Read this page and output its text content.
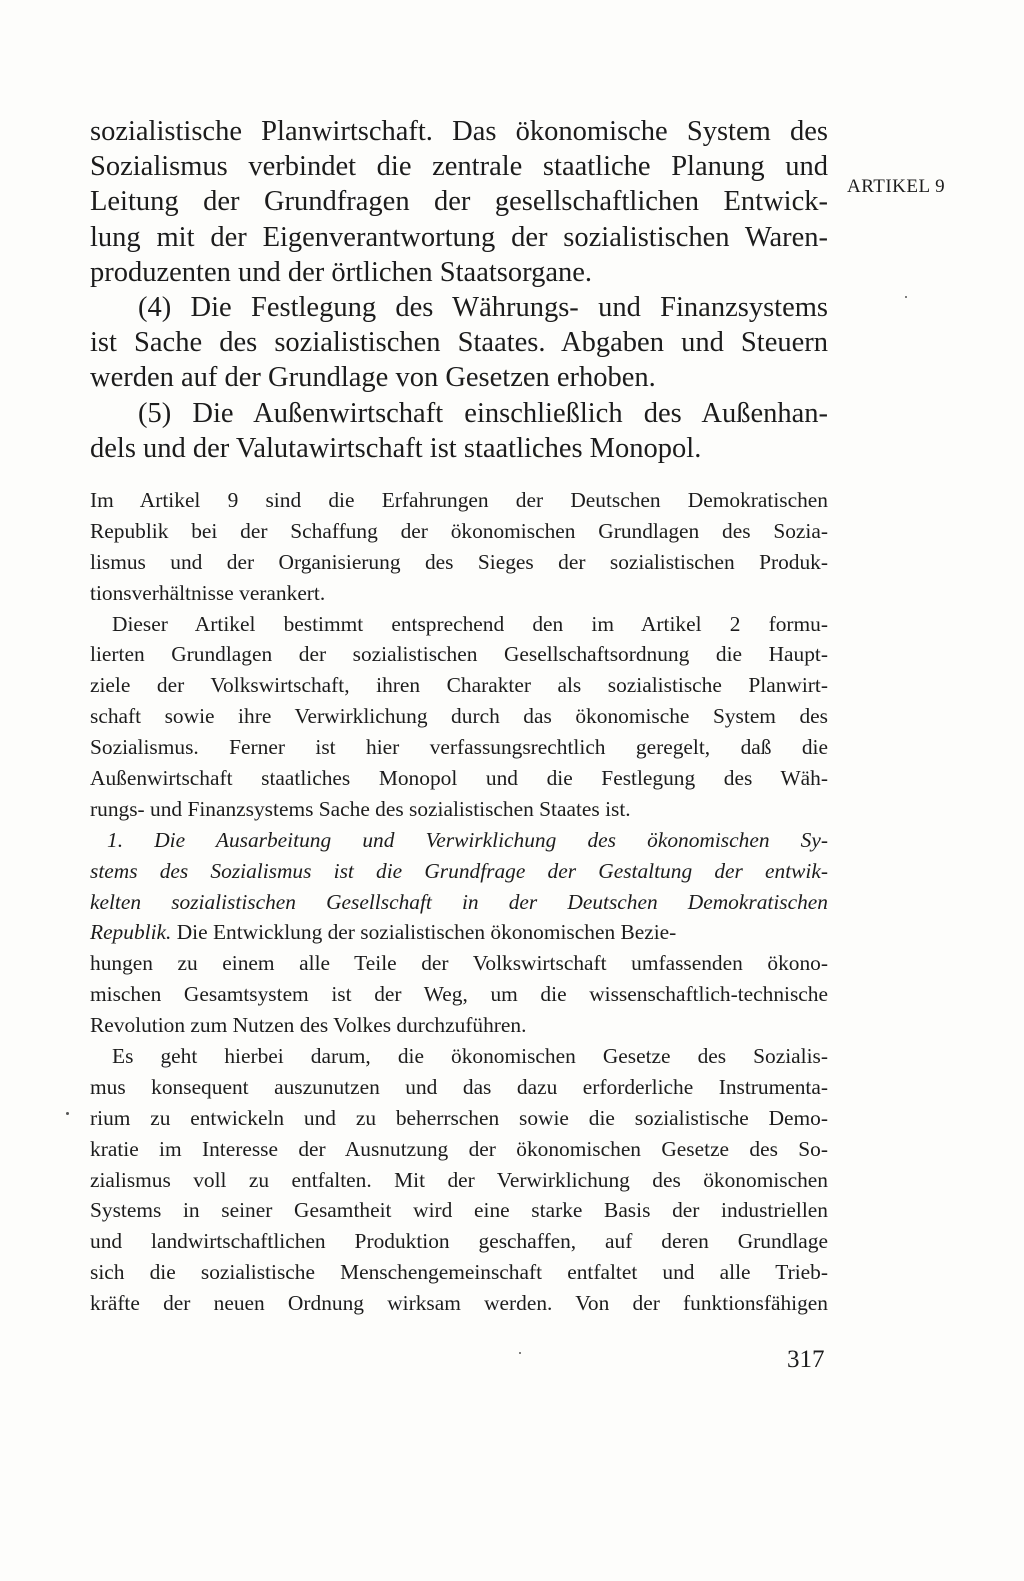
ARTIKEL 9
sozialistische Planwirtschaft. Das ökonomische System des
Sozialismus verbindet die zentrale staatliche Planung und
Leitung der Grundfragen der gesellschaftlichen Entwick-
lung mit der Eigenverantwortung der sozialistischen Waren-
produzenten und der örtlichen Staatsorgane.
(4) Die Festlegung des Währungs- und Finanzsystems
ist Sache des sozialistischen Staates. Abgaben und Steuern
werden auf der Grundlage von Gesetzen erhoben.
(5) Die Außenwirtschaft einschließlich des Außenhan-
dels und der Valutawirtschaft ist staatliches Monopol.
Im Artikel 9 sind die Erfahrungen der Deutschen Demokratischen
Republik bei der Schaffung der ökonomischen Grundlagen des Sozia-
lismus und der Organisierung des Sieges der sozialistischen Produk-
tionsverhältnisse verankert.
Dieser Artikel bestimmt entsprechend den im Artikel 2 formu-
lierten Grundlagen der sozialistischen Gesellschaftsordnung die Haupt-
ziele der Volkswirtschaft, ihren Charakter als sozialistische Planwirt-
schaft sowie ihre Verwirklichung durch das ökonomische System des
Sozialismus. Ferner ist hier verfassungsrechtlich geregelt, daß die
Außenwirtschaft staatliches Monopol und die Festlegung des Wäh-
rungs- und Finanzsystems Sache des sozialistischen Staates ist.
1. Die Ausarbeitung und Verwirklichung des ökonomischen Sy-
stems des Sozialismus ist die Grundfrage der Gestaltung der entwik-
kelten sozialistischen Gesellschaft in der Deutschen Demokratischen
Republik. Die Entwicklung der sozialistischen ökonomischen Bezie-
hungen zu einem alle Teile der Volkswirtschaft umfassenden ökono-
mischen Gesamtsystem ist der Weg, um die wissenschaftlich-technische
Revolution zum Nutzen des Volkes durchzuführen.
Es geht hierbei darum, die ökonomischen Gesetze des Sozialis-
mus konsequent auszunutzen und das dazu erforderliche Instrumenta-
rium zu entwickeln und zu beherrschen sowie die sozialistische Demo-
kratie im Interesse der Ausnutzung der ökonomischen Gesetze des So-
zialismus voll zu entfalten. Mit der Verwirklichung des ökonomischen
Systems in seiner Gesamtheit wird eine starke Basis der industriellen
und landwirtschaftlichen Produktion geschaffen, auf deren Grundlage
sich die sozialistische Menschengemeinschaft entfaltet und alle Trieb-
kräfte der neuen Ordnung wirksam werden. Von der funktionsfähigen
317
